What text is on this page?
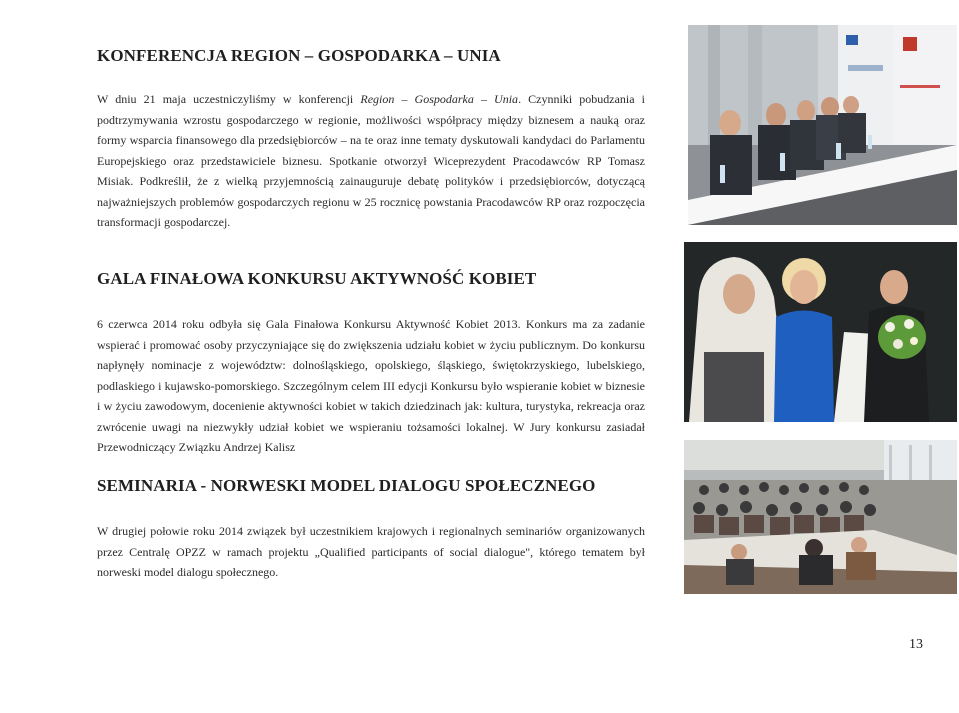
KONFERENCJA REGION – GOSPODARKA – UNIA

W dniu 21 maja uczestniczyliśmy w konferencji Region – Gospodarka – Unia. Czynniki pobudzania i podtrzymywania wzrostu gospodarczego w regionie, możliwości współpracy między biznesem a nauką oraz formy wsparcia finansowego dla przedsiębiorców – na te oraz inne tematy dyskutowali kandydaci do Parlamentu Europejskiego oraz przedstawiciele biznesu. Spotkanie otworzył Wiceprezydent Pracodawców RP Tomasz Misiak. Podkreślił, że z wielką przyjemnością zainauguruje debatę polityków i przedsiębiorców, dotyczącą najważniejszych problemów gospodarczych regionu w 25 rocznicę powstania Pracodawców RP oraz rozpoczęcia transformacji gospodarczej.

GALA FINAŁOWA KONKURSU AKTYWNOŚĆ KOBIET

6 czerwca 2014 roku odbyła się Gala Finałowa Konkursu Aktywność Kobiet 2013. Konkurs ma za zadanie wspierać i promować osoby przyczyniające się do zwiększenia udziału kobiet w życiu publicznym. Do konkursu napłynęły nominacje z województw: dolnośląskiego, opolskiego, śląskiego, świętokrzyskiego, lubelskiego, podlaskiego i kujawsko-pomorskiego. Szczególnym celem III edycji Konkursu było wspieranie kobiet w biznesie i w życiu zawodowym, docenienie aktywności kobiet w takich dziedzinach jak: kultura, turystyka, rekreacja oraz zwrócenie uwagi na niezwykły udział kobiet we wspieraniu tożsamości lokalnej. W Jury konkursu zasiadał Przewodniczący Związku Andrzej Kalisz

SEMINARIA - NORWESKI MODEL DIALOGU SPOŁECZNEGO

W drugiej połowie roku 2014 związek był uczestnikiem krajowych i regionalnych seminariów organizowanych przez Centralę OPZZ w ramach projektu „Qualified participants of social dialogue", którego tematem był norweski model dialogu społecznego.

13
